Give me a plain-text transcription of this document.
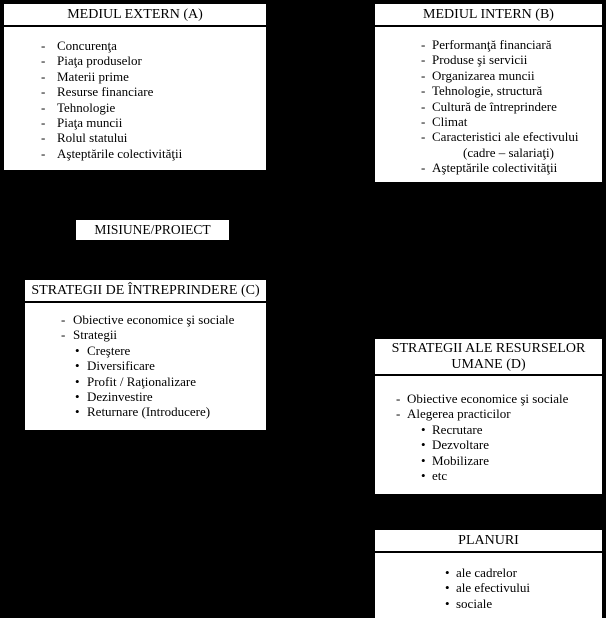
MEDIUL EXTERN (A)
- Concurenţa
- Piaţa produselor
- Materii prime
- Resurse financiare
- Tehnologie
- Piaţa muncii
- Rolul statului
- Aşteptările colectivităţii
MEDIUL INTERN (B)
- Performanţă financiară
- Produse şi servicii
- Organizarea muncii
- Tehnologie, structură
- Cultură de întreprindere
- Climat
- Caracteristici ale efectivului
(cadre – salariaţi)
- Aşteptările colectivităţii
MISIUNE/PROIECT
STRATEGII DE ÎNTREPRINDERE (C)
- Obiective economice şi sociale
- Strategii
• Creştere
• Diversificare
• Profit / Raţionalizare
• Dezinvestire
• Returnare (Introducere)
STRATEGII ALE RESURSELOR UMANE (D)
- Obiective economice şi sociale
- Alegerea practicilor
• Recrutare
• Dezvoltare
• Mobilizare
• etc
PLANURI
• ale cadrelor
• ale efectivului
• sociale
